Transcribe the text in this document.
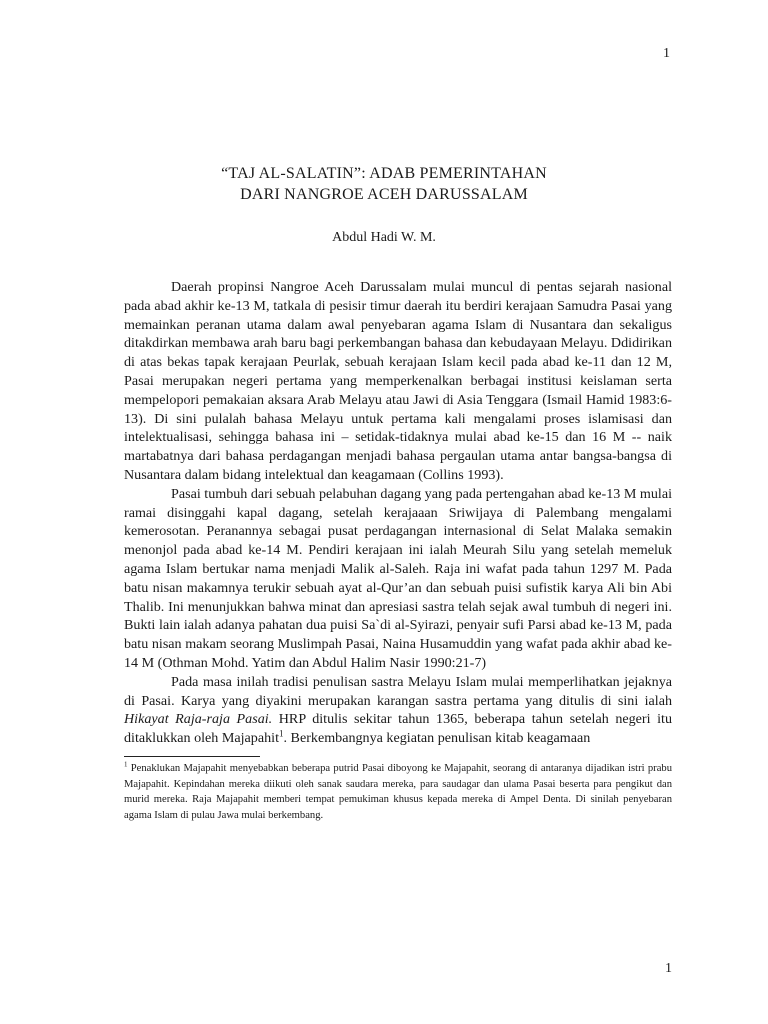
1
“TAJ AL-SALATIN”: ADAB PEMERINTAHAN
DARI NANGROE ACEH DARUSSALAM
Abdul Hadi W. M.

Daerah propinsi Nangroe Aceh Darussalam mulai muncul di pentas sejarah nasional pada abad akhir ke-13 M, tatkala di pesisir timur daerah itu berdiri kerajaan Samudra Pasai yang memainkan peranan utama dalam awal penyebaran agama Islam di Nusantara dan sekaligus ditakdirkan membawa arah baru bagi perkembangan bahasa dan kebudayaan Melayu. Ddidirikan di atas bekas tapak kerajaan Peurlak, sebuah kerajaan Islam kecil pada abad ke-11 dan 12 M, Pasai merupakan negeri pertama yang memperkenalkan berbagai institusi keislaman serta mempelopori pemakaian aksara Arab Melayu atau Jawi di Asia Tenggara (Ismail Hamid 1983:6-13). Di sini pulalah bahasa Melayu untuk pertama kali mengalami proses islamisasi dan intelektualisasi, sehingga bahasa ini – setidak-tidaknya mulai abad ke-15 dan 16 M -- naik martabatnya dari bahasa perdagangan menjadi bahasa pergaulan utama antar bangsa-bangsa di Nusantara dalam bidang intelektual dan keagamaan (Collins 1993).

Pasai tumbuh dari sebuah pelabuhan dagang yang pada pertengahan abad ke-13 M mulai ramai disinggahi kapal dagang, setelah kerajaaan Sriwijaya di Palembang mengalami kemerosotan. Peranannya sebagai pusat perdagangan internasional di Selat Malaka semakin menonjol pada abad ke-14 M. Pendiri kerajaan ini ialah Meurah Silu yang setelah memeluk agama Islam bertukar nama menjadi Malik al-Saleh. Raja ini wafat pada tahun 1297 M. Pada batu nisan makamnya terukir sebuah ayat al-Qur’an dan sebuah puisi sufistik karya Ali bin Abi Thalib. Ini menunjukkan bahwa minat dan apresiasi sastra telah sejak awal tumbuh di negeri ini. Bukti lain ialah adanya pahatan dua puisi Sa`di al-Syirazi, penyair sufi Parsi abad ke-13 M, pada batu nisan makam seorang Muslimpah Pasai, Naina Husamuddin yang wafat pada akhir abad ke-14 M (Othman Mohd. Yatim dan Abdul Halim Nasir 1990:21-7)

Pada masa inilah tradisi penulisan sastra Melayu Islam mulai memperlihatkan jejaknya di Pasai. Karya yang diyakini merupakan karangan sastra pertama yang ditulis di sini ialah Hikayat Raja-raja Pasai. HRP ditulis sekitar tahun 1365, beberapa tahun setelah negeri itu ditaklukkan oleh Majapahit$^1$. Berkembangnya kegiatan penulisan kitab keagamaan

$^1$ Penaklukan Majapahit menyebabkan beberapa putrid Pasai diboyong ke Majapahit, seorang di antaranya dijadikan istri prabu Majapahit. Kepindahan mereka diikuti oleh sanak saudara mereka, para saudagar dan ulama Pasai beserta para pengikut dan murid mereka. Raja Majapahit memberi tempat pemukiman khusus kepada mereka di Ampel Denta. Di sinilah penyebaran agama Islam di pulau Jawa mulai berkembang.

1
